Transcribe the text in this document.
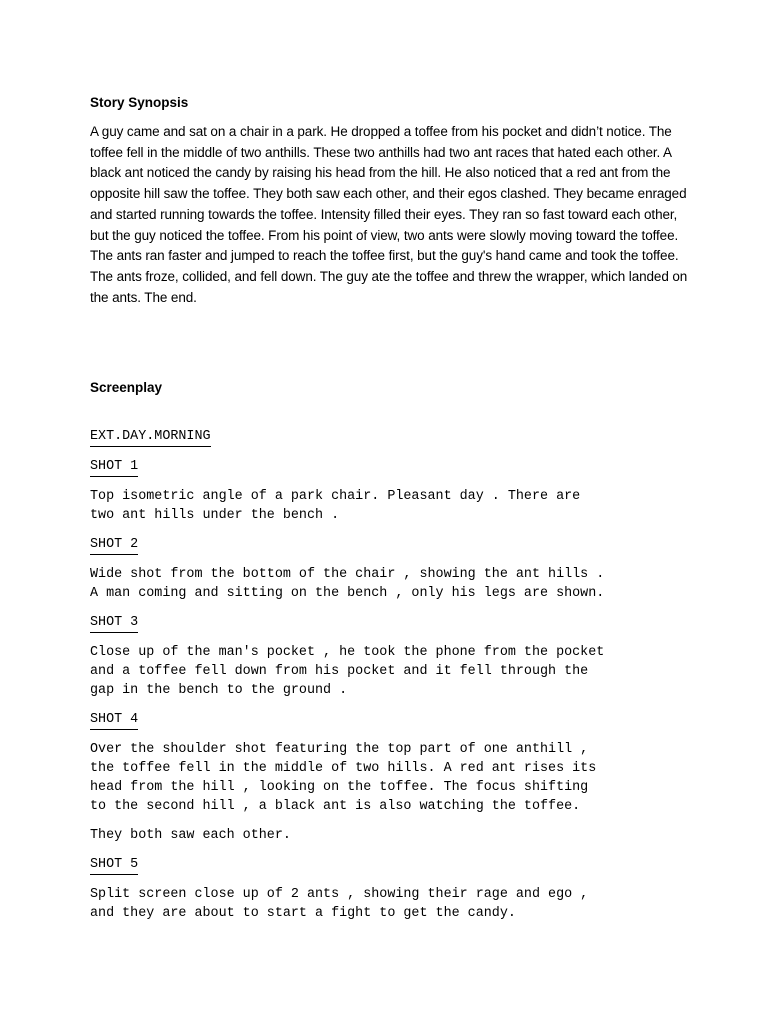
Story Synopsis
A guy came and sat on a chair in a park. He dropped a toffee from his pocket and didn’t notice. The toffee fell in the middle of two anthills. These two anthills had two ant races that hated each other. A black ant noticed the candy by raising his head from the hill. He also noticed that a red ant from the opposite hill saw the toffee. They both saw each other, and their egos clashed. They became enraged and started running towards the toffee. Intensity filled their eyes. They ran so fast toward each other, but the guy noticed the toffee. From his point of view, two ants were slowly moving toward the toffee. The ants ran faster and jumped to reach the toffee first, but the guy's hand came and took the toffee. The ants froze, collided, and fell down. The guy ate the toffee and threw the wrapper, which landed on the ants. The end.
Screenplay
EXT.DAY.MORNING
SHOT 1

Top isometric angle of a park chair. Pleasant day . There are
two ant hills under the bench .

SHOT 2

Wide shot from the bottom of the chair , showing the ant hills .
A man coming and sitting on the bench , only his legs are shown.

SHOT 3

Close up of the man's pocket , he took the phone from the pocket
and a toffee fell down from his pocket and it fell through the
gap in the bench to the ground .

SHOT 4

Over the shoulder shot featuring the top part of one anthill ,
the toffee fell in the middle of two hills. A red ant rises its
head from the hill , looking on the toffee. The focus shifting
to the second hill , a black ant is also watching the toffee.

They both saw each other.

SHOT 5

Split screen close up of 2 ants , showing their rage and ego ,
and they are about to start a fight to get the candy.
